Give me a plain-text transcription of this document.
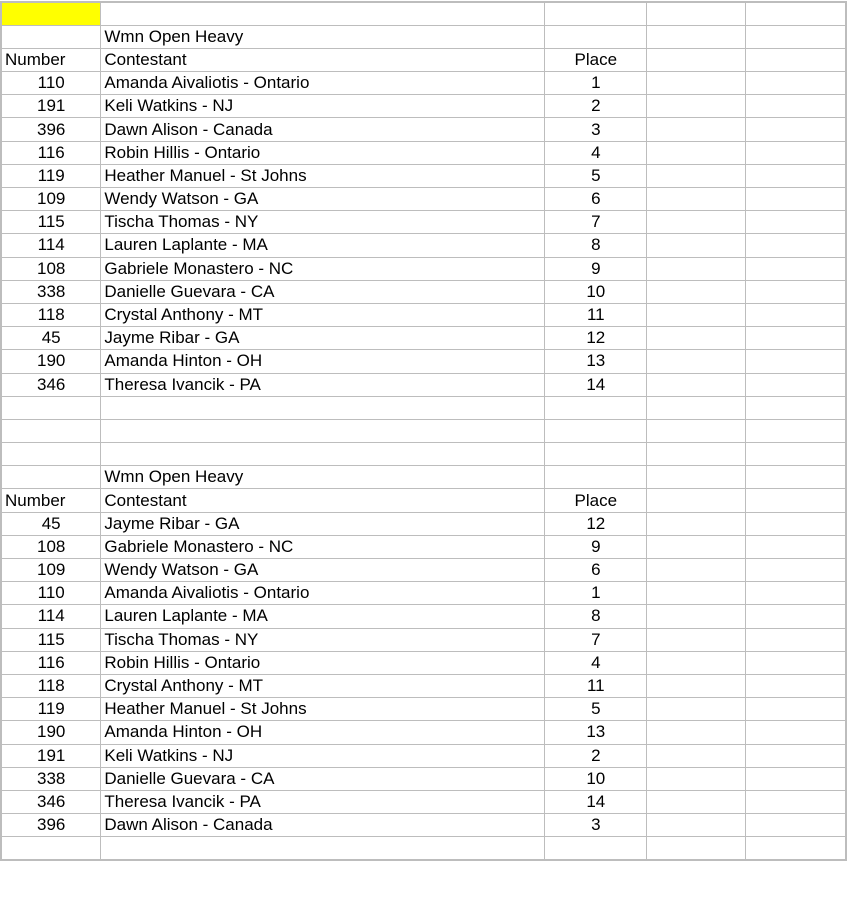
	Wmn Open Heavy			
Number	Contestant	Place		
110	Amanda Aivaliotis - Ontario	1		
191	Keli Watkins - NJ	2		
396	Dawn Alison - Canada	3		
116	Robin Hillis - Ontario	4		
119	Heather Manuel - St Johns	5		
109	Wendy Watson - GA	6		
115	Tischa Thomas - NY	7		
114	Lauren Laplante - MA	8		
108	Gabriele Monastero - NC	9		
338	Danielle Guevara - CA	10		
118	Crystal Anthony - MT	11		
45	Jayme Ribar - GA	12		
190	Amanda Hinton - OH	13		
346	Theresa Ivancik - PA	14		

	Wmn Open Heavy			
Number	Contestant	Place		
45	Jayme Ribar - GA	12		
108	Gabriele Monastero - NC	9		
109	Wendy Watson - GA	6		
110	Amanda Aivaliotis - Ontario	1		
114	Lauren Laplante - MA	8		
115	Tischa Thomas - NY	7		
116	Robin Hillis - Ontario	4		
118	Crystal Anthony - MT	11		
119	Heather Manuel - St Johns	5		
190	Amanda Hinton - OH	13		
191	Keli Watkins - NJ	2		
338	Danielle Guevara - CA	10		
346	Theresa Ivancik - PA	14		
396	Dawn Alison - Canada	3		
